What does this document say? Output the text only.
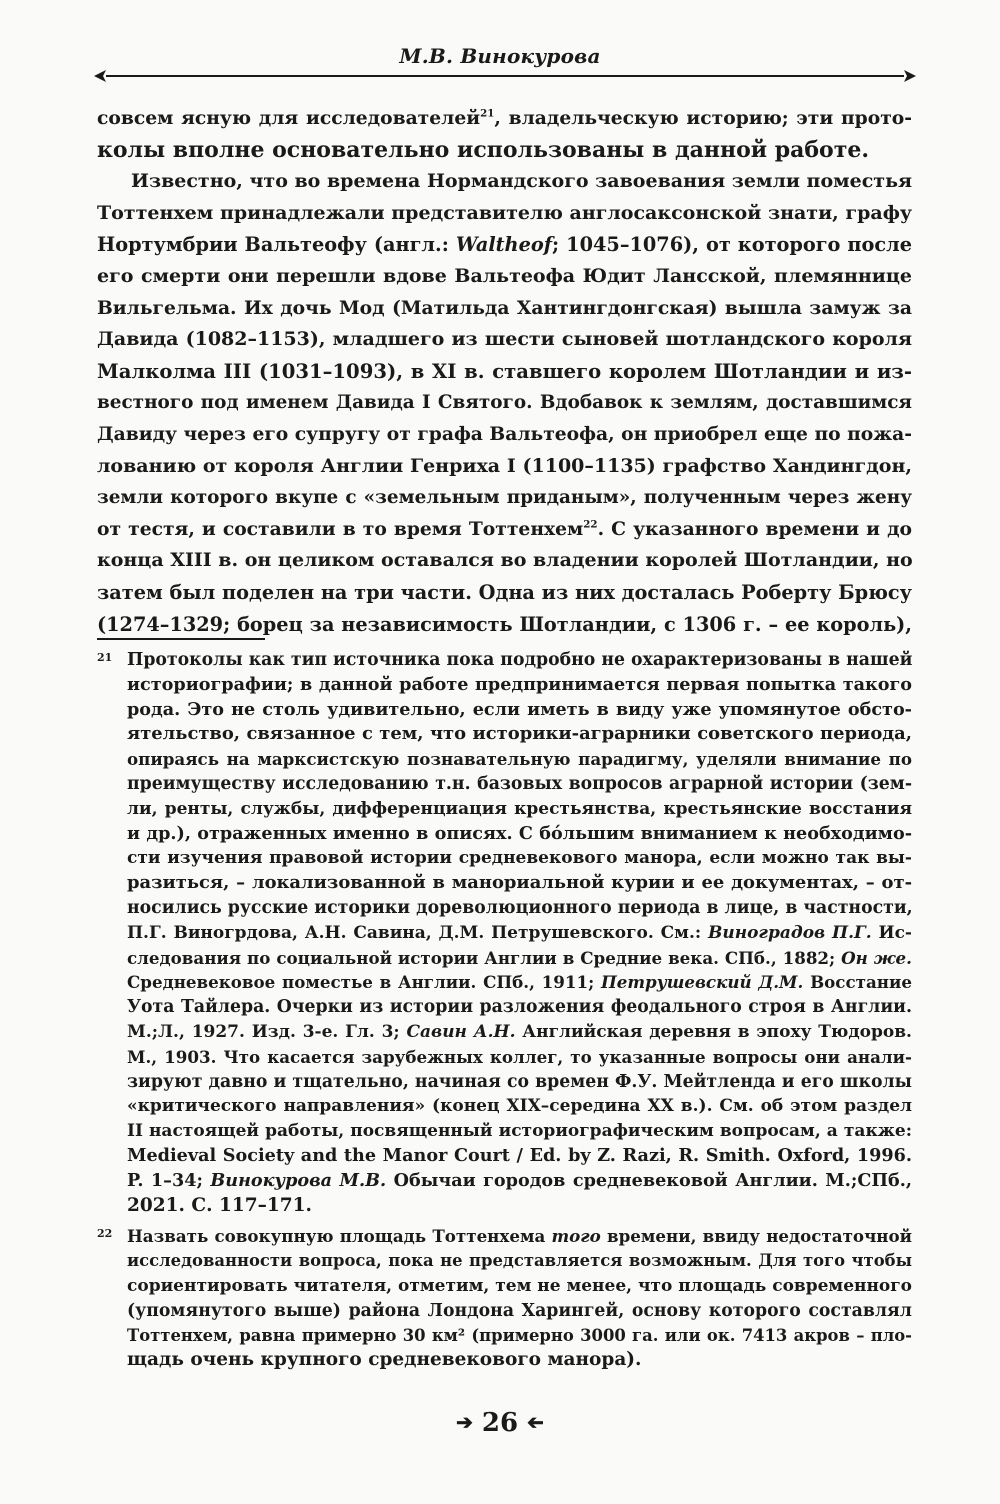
М.В. Винокурова
совсем ясную для исследователей$^{21}$, владельческую историю; эти прото-
колы вполне основательно использованы в данной работе.
Известно, что во времена Нормандского завоевания земли поместья
Тоттенхем принадлежали представителю англосаксонской знати, графу
Нортумбрии Вальтеофу (англ.: Waltheof; 1045–1076), от которого после
его смерти они перешли вдове Вальтеофа Юдит Лансской, племяннице
Вильгельма. Их дочь Мод (Матильда Хантингдонгская) вышла замуж за
Давида (1082–1153), младшего из шести сыновей шотландского короля
Малколма III (1031–1093), в XI в. ставшего королем Шотландии и из-
вестного под именем Давида I Святого. Вдобавок к землям, доставшимся
Давиду через его супругу от графа Вальтеофа, он приобрел еще по пожа-
лованию от короля Англии Генриха I (1100–1135) графство Хандингдон,
земли которого вкупе с «земельным приданым», полученным через жену
от тестя, и составили в то время Тоттенхем$^{22}$. С указанного времени и до
конца XIII в. он целиком оставался во владении королей Шотландии, но
затем был поделен на три части. Одна из них досталась Роберту Брюсу
(1274–1329; борец за независимость Шотландии, с 1306 г. – ее король),
21 Протоколы как тип источника пока подробно не охарактеризованы в нашей
историографии; в данной работе предпринимается первая попытка такого
рода. Это не столь удивительно, если иметь в виду уже упомянутое обсто-
ятельство, связанное с тем, что историки-аграрники советского периода,
опираясь на марксистскую познавательную парадигму, уделяли внимание по
преимуществу исследованию т.н. базовых вопросов аграрной истории (зем-
ли, ренты, службы, дифференциация крестьянства, крестьянские восстания
и др.), отраженных именно в описях. С бóльшим вниманием к необходимо-
сти изучения правовой истории средневекового манора, если можно так вы-
разиться, – локализованной в манориальной курии и ее документах, – от-
носились русские историки дореволюционного периода в лице, в частности,
П.Г. Виногрдова, А.Н. Савина, Д.М. Петрушевского. См.: Виноградов П.Г. Ис-
следования по социальной истории Англии в Средние века. СПб., 1882; Он же.
Средневековое поместье в Англии. СПб., 1911; Петрушевский Д.М. Восстание
Уота Тайлера. Очерки из истории разложения феодального строя в Англии.
М.;Л., 1927. Изд. 3-е. Гл. 3; Савин А.Н. Английская деревня в эпоху Тюдоров.
М., 1903. Что касается зарубежных коллег, то указанные вопросы они анали-
зируют давно и тщательно, начиная со времен Ф.У. Мейтленда и его школы
«критического направления» (конец XIX–середина XX в.). См. об этом раздел
II настоящей работы, посвященный историографическим вопросам, а также:
Medieval Society and the Manor Court / Ed. by Z. Razi, R. Smith. Oxford, 1996.
P. 1–34; Винокурова М.В. Обычаи городов средневековой Англии. М.;СПб.,
2021. С. 117–171.
22 Назвать совокупную площадь Тоттенхема того времени, ввиду недостаточной
исследованности вопроса, пока не представляется возможным. Для того чтобы
сориентировать читателя, отметим, тем не менее, что площадь современного
(упомянутого выше) района Лондона Харингей, основу которого составлял
Тоттенхем, равна примерно 30 км² (примерно 3000 га. или ок. 7413 акров – пло-
щадь очень крупного средневекового манора).
➔ 26 ➔
